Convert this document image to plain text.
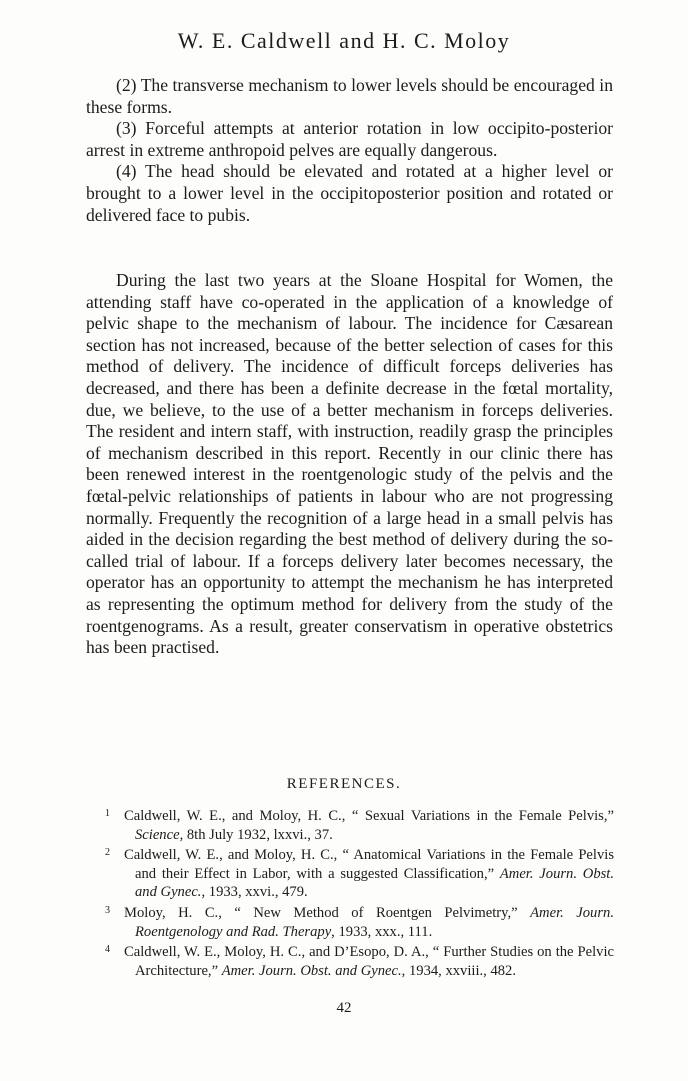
W. E. Caldwell and H. C. Moloy

(2) The transverse mechanism to lower levels should be encouraged in these forms.

(3) Forceful attempts at anterior rotation in low occipito-posterior arrest in extreme anthropoid pelves are equally dangerous.

(4) The head should be elevated and rotated at a higher level or brought to a lower level in the occipitoposterior position and rotated or delivered face to pubis.

During the last two years at the Sloane Hospital for Women, the attending staff have co-operated in the application of a knowledge of pelvic shape to the mechanism of labour. The incidence for Cæsarean section has not increased, because of the better selection of cases for this method of delivery. The incidence of difficult forceps deliveries has decreased, and there has been a definite decrease in the fœtal mortality, due, we believe, to the use of a better mechanism in forceps deliveries. The resident and intern staff, with instruction, readily grasp the principles of mechanism described in this report. Recently in our clinic there has been renewed interest in the roentgenologic study of the pelvis and the fœtal-pelvic relationships of patients in labour who are not progressing normally. Frequently the recognition of a large head in a small pelvis has aided in the decision regarding the best method of delivery during the so-called trial of labour. If a forceps delivery later becomes necessary, the operator has an opportunity to attempt the mechanism he has interpreted as representing the optimum method for delivery from the study of the roentgenograms. As a result, greater conservatism in operative obstetrics has been practised.

REFERENCES.

1 Caldwell, W. E., and Moloy, H. C., “ Sexual Variations in the Female Pelvis,” Science, 8th July 1932, lxxvi., 37.

2 Caldwell, W. E., and Moloy, H. C., “ Anatomical Variations in the Female Pelvis and their Effect in Labor, with a suggested Classification,” Amer. Journ. Obst. and Gynec., 1933, xxvi., 479.

3 Moloy, H. C., “ New Method of Roentgen Pelvimetry,” Amer. Journ. Roentgenology and Rad. Therapy, 1933, xxx., 111.

4 Caldwell, W. E., Moloy, H. C., and D’Esopo, D. A., “ Further Studies on the Pelvic Architecture,” Amer. Journ. Obst. and Gynec., 1934, xxviii., 482.

42
